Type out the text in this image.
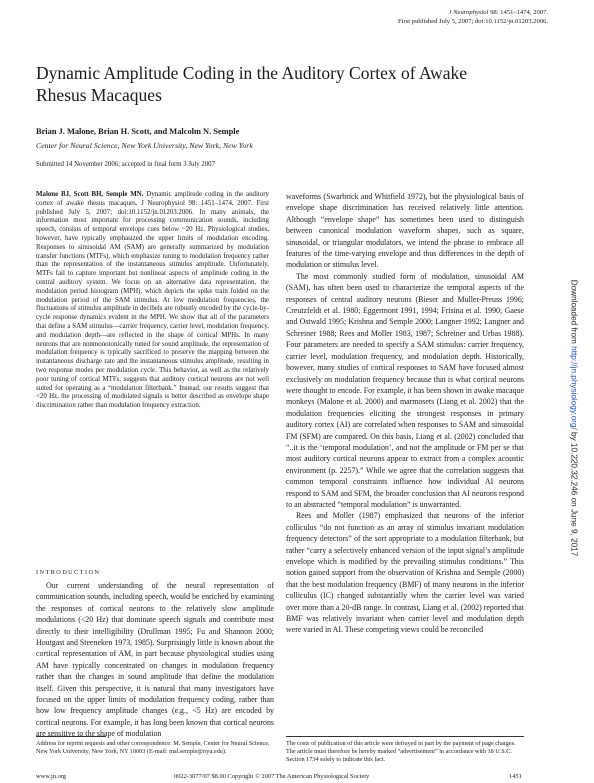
J Neurophysiol 98: 1451–1474, 2007.
First published July 5, 2007; doi:10.1152/jn.01203.2006.
Dynamic Amplitude Coding in the Auditory Cortex of Awake Rhesus Macaques
Brian J. Malone, Brian H. Scott, and Malcolm N. Semple
Center for Neural Science, New York University, New York, New York
Submitted 14 November 2006; accepted in final form 3 July 2007
Malone BJ, Scott BH, Semple MN. Dynamic amplitude coding in the auditory cortex of awake rhesus macaques. J Neurophysiol 98: 1451–1474, 2007. First published July 5, 2007; doi:10.1152/jn.01203.2006. In many animals, the information most important for processing communication sounds, including speech, consists of temporal envelope cues below ~20 Hz. Physiological studies, however, have typically emphasized the upper limits of modulation encoding. Responses to sinusoidal AM (SAM) are generally summarized by modulation transfer functions (MTFs), which emphasize tuning to modulation frequency rather than the representation of the instantaneous stimulus amplitude. Unfortunately, MTFs fail to capture important but nonlinear aspects of amplitude coding in the central auditory system. We focus on an alternative data representation, the modulation period histogram (MPH), which depicts the spike train folded on the modulation period of the SAM stimulus. At low modulation frequencies, the fluctuations of stimulus amplitude in decibels are robustly encoded by the cycle-by-cycle response dynamics evident in the MPH. We show that all of the parameters that define a SAM stimulus—carrier frequency, carrier level, modulation frequency, and modulation depth—are reflected in the shape of cortical MPHs. In many neurons that are nonmonotonically tuned for sound amplitude, the representation of modulation frequency is typically sacrificed to preserve the mapping between the instantaneous discharge rate and the instantaneous stimulus amplitude, resulting in two response modes per modulation cycle. This behavior, as well as the relatively poor tuning of cortical MTFs, suggests that auditory cortical neurons are not well suited for operating as a “modulation filterbank.” Instead, our results suggest that <20 Hz, the processing of modulated signals is better described as envelope shape discrimination rather than modulation frequency extraction.
INTRODUCTION

Our current understanding of the neural representation of communication sounds, including speech, would be enriched by examining the responses of cortical neurons to the relatively slow amplitude modulations (<20 Hz) that dominate speech signals and contribute most directly to their intelligibility (Drullman 1995; Fu and Shannon 2000; Houtgast and Steeneken 1973, 1985). Surprisingly little is known about the cortical representation of AM, in part because physiological studies using AM have typically concentrated on changes in modulation frequency rather than the changes in sound amplitude that define the modulation itself. Given this perspective, it is natural that many investigators have focused on the upper limits of modulation frequency coding, rather than how low frequency amplitude changes (e.g., <5 Hz) are encoded by cortical neurons. For example, it has long been known that cortical neurons are sensitive to the shape of modulation

waveforms (Swarbrick and Whitfield 1972), but the physiological basis of envelope shape discrimination has received relatively little attention. Although “envelope shape” has sometimes been used to distinguish between canonical modulation waveform shapes, such as square, sinusoidal, or triangular modulators, we intend the phrase to embrace all features of the time-varying envelope and thus differences in the depth of modulation or stimulus level.

The most commonly studied form of modulation, sinusoidal AM (SAM), has often been used to characterize the temporal aspects of the responses of central auditory neurons (Bieser and Muller-Preuss 1996; Creutzfeldt et al. 1980; Eggermont 1991, 1994; Frisina et al. 1990; Gaese and Ostwald 1995; Krishna and Semple 2000; Langner 1992; Langner and Schreiner 1988; Rees and Moller 1983, 1987; Schreiner and Urbas 1988). Four parameters are needed to specify a SAM stimulus: carrier frequency, carrier level, modulation frequency, and modulation depth. Historically, however, many studies of cortical responses to SAM have focused almost exclusively on modulation frequency because that is what cortical neurons were thought to encode. For example, it has been shown in awake macaque monkeys (Malone et al. 2000) and marmosets (Liang et al. 2002) that the modulation frequencies eliciting the strongest responses in primary auditory cortex (AI) are correlated when responses to SAM and sinusoidal FM (SFM) are compared. On this basis, Liang et al. (2002) concluded that “..it is the ‘temporal modulation’, and not the amplitude or FM per se that most auditory cortical neurons appear to extract from a complex acoustic environment (p. 2257).” While we agree that the correlation suggests that common temporal constraints influence how individual AI neurons respond to SAM and SFM, the broader conclusion that AI neurons respond to an abstracted “temporal modulation” is unwarranted.

Rees and Moller (1987) emphasized that neurons of the inferior colliculus “do not function as an array of stimulus invariant modulation frequency detectors” of the sort appropriate to a modulation filterbank, but rather “carry a selectively enhanced version of the input signal’s amplitude envelope which is modified by the prevailing stimulus conditions.” This notion gained support from the observation of Krishna and Semple (2000) that the best modulation frequency (BMF) of many neurons in the inferior colliculus (IC) changed substantially when the carrier level was varied over more than a 20-dB range. In contrast, Liang et al. (2002) reported that BMF was relatively invariant when carrier level and modulation depth were varied in AI. These competing views could be reconciled

Address for reprint requests and other correspondence: M. Semple, Center for Neural Science, New York University, New York, NY 10003 (E-mail: mal.semple@nyu.edu).
The costs of publication of this article were defrayed in part by the payment of page charges. The article must therefore be hereby marked “advertisement” in accordance with 18 U.S.C. Section 1734 solely to indicate this fact.
www.jn.org	0022-3077/07 $8.00 Copyright © 2007 The American Physiological Society	1451
Downloaded from http://jn.physiology.org/ by 10.220.32.246 on June 9, 2017
